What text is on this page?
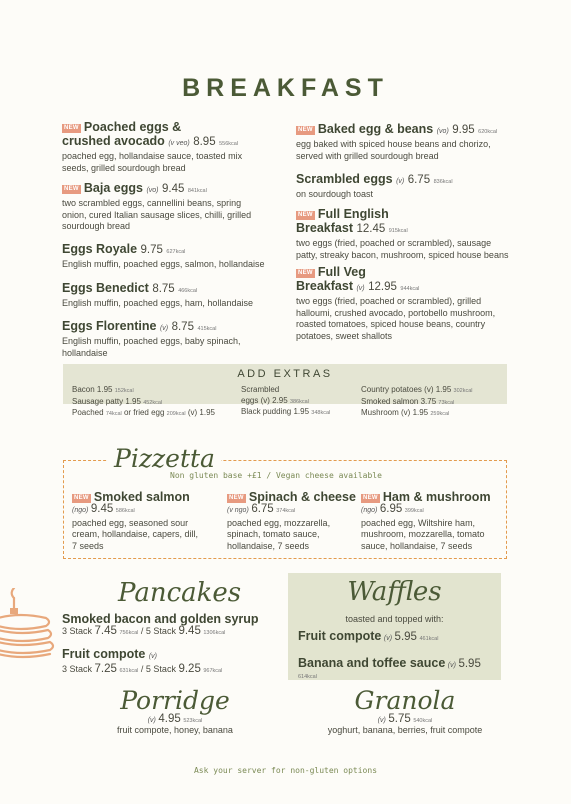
BREAKFAST
NEW Poached eggs &
crushed avocado (v veo) 8.95 556kcal
poached egg, hollandaise sauce, toasted mix
seeds, grilled sourdough bread
NEW Baja eggs (vo) 9.45 841kcal
two scrambled eggs, cannellini beans, spring
onion, cured Italian sausage slices, chilli, grilled
sourdough bread
Eggs Royale 9.75 627kcal
English muffin, poached eggs, salmon, hollandaise
Eggs Benedict 8.75 466kcal
English muffin, poached eggs, ham, hollandaise
Eggs Florentine (v) 8.75 415kcal
English muffin, poached eggs, baby spinach,
hollandaise
NEW Baked egg & beans (vo) 9.95 620kcal
egg baked with spiced house beans and chorizo,
served with grilled sourdough bread
Scrambled eggs (v) 6.75 836kcal
on sourdough toast
NEW Full English
Breakfast 12.45 915kcal
two eggs (fried, poached or scrambled), sausage
patty, streaky bacon, mushroom, spiced house beans
NEW Full Veg
Breakfast (v) 12.95 944kcal
two eggs (fried, poached or scrambled), grilled
halloumi, crushed avocado, portobello mushroom,
roasted tomatoes, spiced house beans, country
potatoes, sweet shallots
ADD EXTRAS
Bacon 1.95 152kcal
Sausage patty 1.95 452kcal
Poached 74kcal or fried egg 209kcal (v) 1.95
Scrambled
eggs (v) 2.95 386kcal
Black pudding 1.95 348kcal
Country potatoes (v) 1.95 302kcal
Smoked salmon 3.75 73kcal
Mushroom (v) 1.95 259kcal
Pizzetta
Non gluten base +£1 / Vegan cheese available
NEW Smoked salmon
(ngo) 9.45 586kcal
poached egg, seasoned sour
cream, hollandaise, capers, dill,
7 seeds
NEW Spinach & cheese
(v ngo) 6.75 374kcal
poached egg, mozzarella,
spinach, tomato sauce,
hollandaise, 7 seeds
NEW Ham & mushroom
(ngo) 6.95 399kcal
poached egg, Wiltshire ham,
mushroom, mozzarella, tomato
sauce, hollandaise, 7 seeds
Pancakes
Smoked bacon and golden syrup
3 Stack 7.45 756kcal / 5 Stack 9.45 1306kcal
Fruit compote (v)
3 Stack 7.25 631kcal / 5 Stack 9.25 967kcal
Waffles
toasted and topped with:
Fruit compote (v) 5.95 461kcal
Banana and toffee sauce (v) 5.95 614kcal
Porridge
(v) 4.95 523kcal
fruit compote, honey, banana
Granola
(v) 5.75 540kcal
yoghurt, banana, berries, fruit compote
Ask your server for non-gluten options
